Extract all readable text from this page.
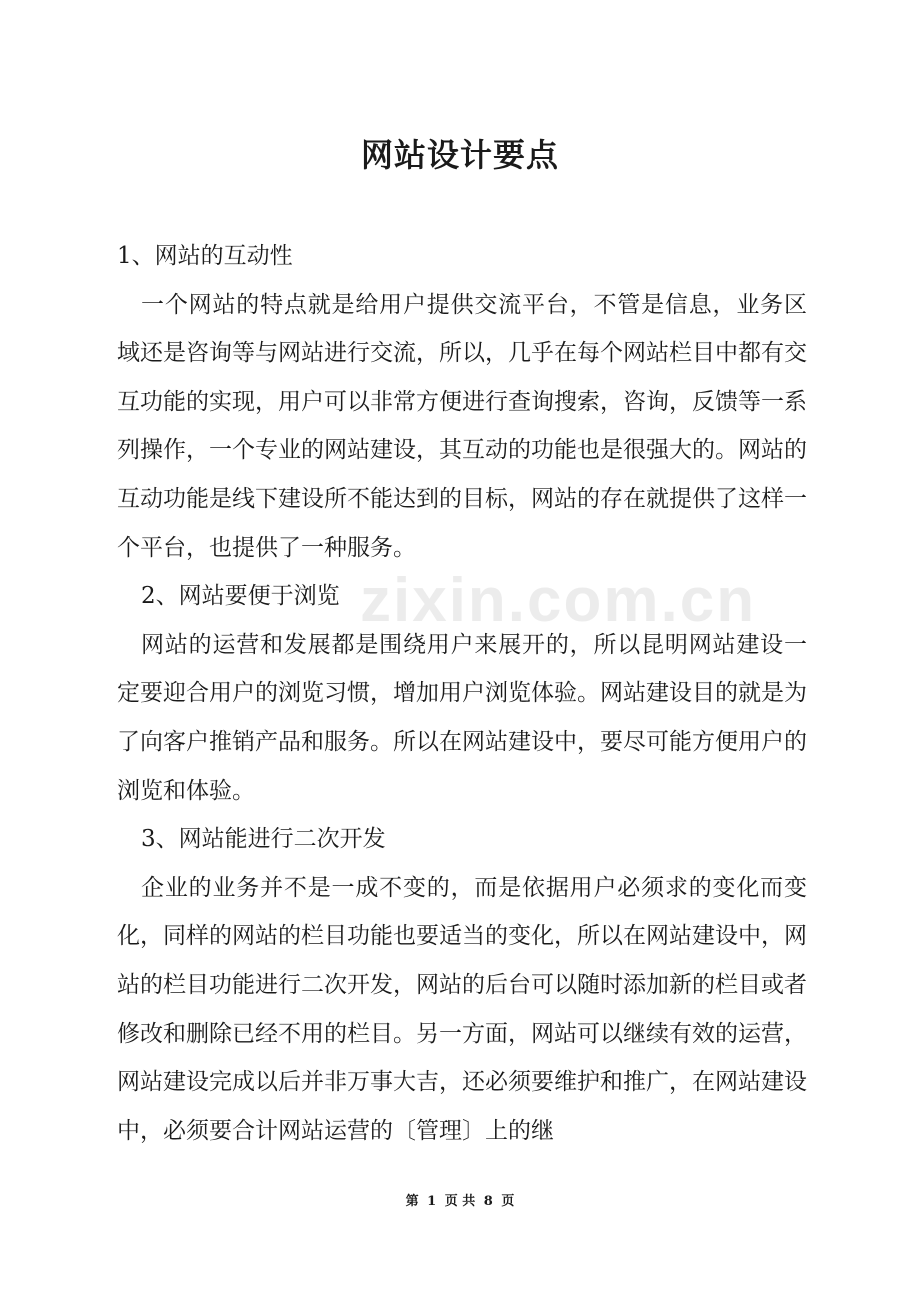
zixin.com.cn
网站设计要点

1、网站的互动性

一个网站的特点就是给用户提供交流平台，不管是信息，业务区域还是咨询等与网站进行交流，所以，几乎在每个网站栏目中都有交互功能的实现，用户可以非常方便进行查询搜索，咨询，反馈等一系列操作，一个专业的网站建设，其互动的功能也是很强大的。网站的互动功能是线下建设所不能达到的目标，网站的存在就提供了这样一个平台，也提供了一种服务。

2、网站要便于浏览

网站的运营和发展都是围绕用户来展开的，所以昆明网站建设一定要迎合用户的浏览习惯，增加用户浏览体验。网站建设目的就是为了向客户推销产品和服务。所以在网站建设中，要尽可能方便用户的浏览和体验。

3、网站能进行二次开发

企业的业务并不是一成不变的，而是依据用户必须求的变化而变化，同样的网站的栏目功能也要适当的变化，所以在网站建设中，网站的栏目功能进行二次开发，网站的后台可以随时添加新的栏目或者修改和删除已经不用的栏目。另一方面，网站可以继续有效的运营，网站建设完成以后并非万事大吉，还必须要维护和推广，在网站建设中，必须要合计网站运营的〔管理〕上的继

第 1 页 共 8 页
